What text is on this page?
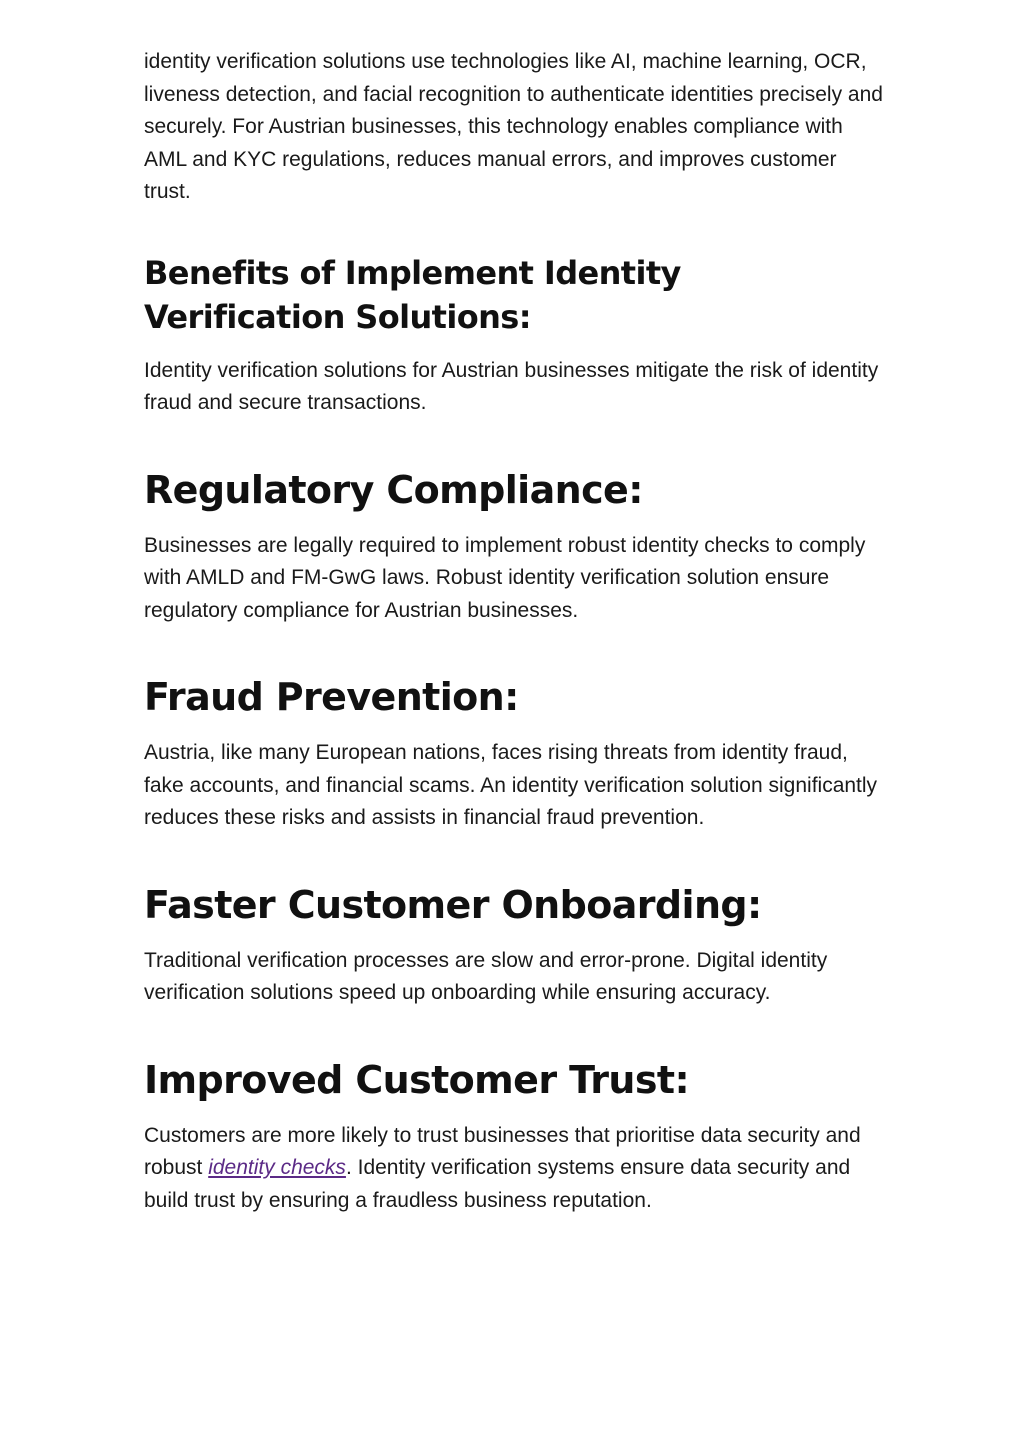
identity verification solutions use technologies like AI, machine learning, OCR, liveness detection, and facial recognition to authenticate identities precisely and securely. For Austrian businesses, this technology enables compliance with AML and KYC regulations, reduces manual errors, and improves customer trust.

Benefits of Implement Identity Verification Solutions:

Identity verification solutions for Austrian businesses mitigate the risk of identity fraud and secure transactions.

Regulatory Compliance:

Businesses are legally required to implement robust identity checks to comply with AMLD and FM-GwG laws. Robust identity verification solution ensure regulatory compliance for Austrian businesses.

Fraud Prevention:

Austria, like many European nations, faces rising threats from identity fraud, fake accounts, and financial scams. An identity verification solution significantly reduces these risks and assists in financial fraud prevention.

Faster Customer Onboarding:

Traditional verification processes are slow and error-prone. Digital identity verification solutions speed up onboarding while ensuring accuracy.

Improved Customer Trust:

Customers are more likely to trust businesses that prioritise data security and robust identity checks. Identity verification systems ensure data security and build trust by ensuring a fraudless business reputation.
